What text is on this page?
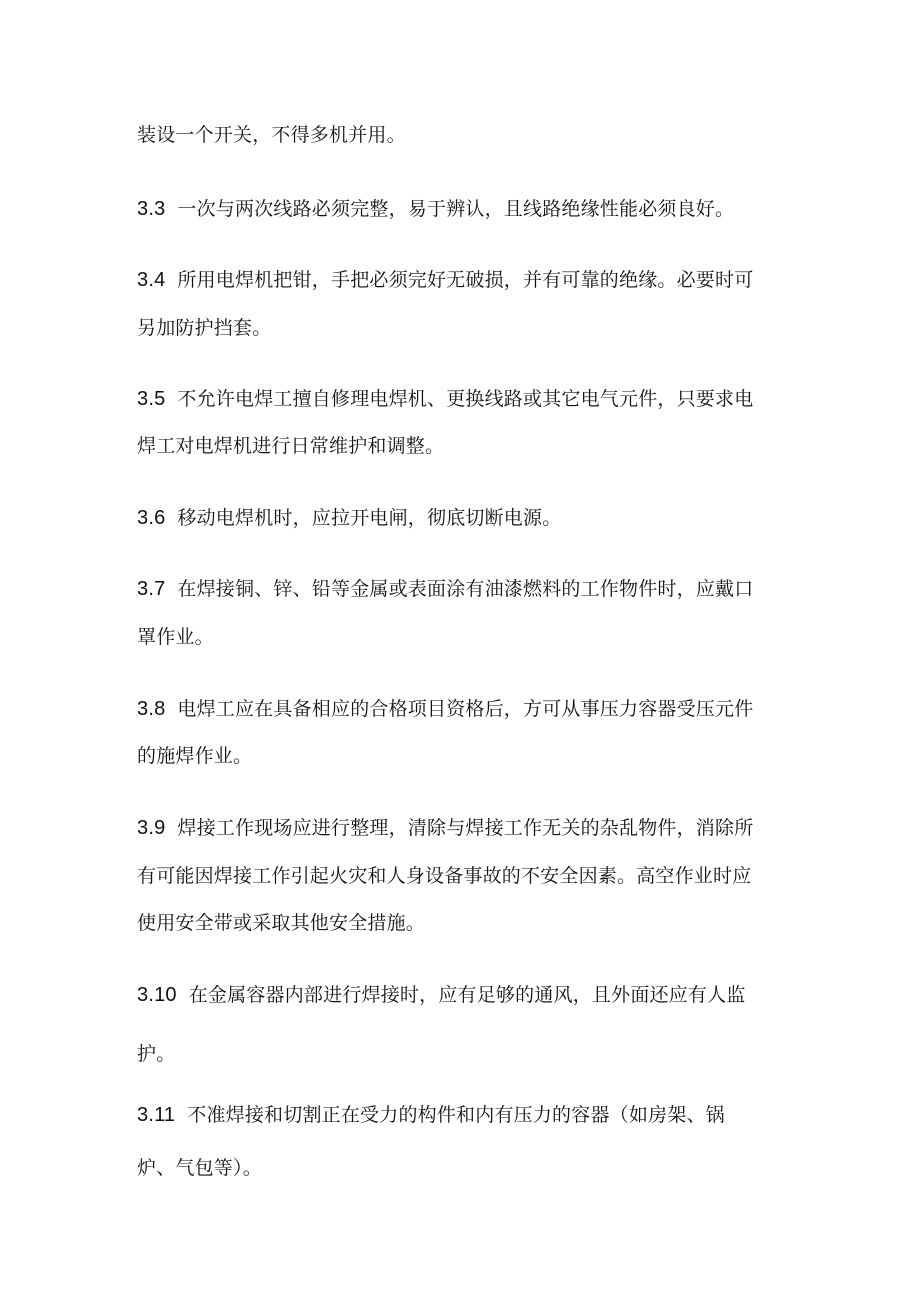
装设一个开关，不得多机并用。
3.3 一次与两次线路必须完整，易于辨认，且线路绝缘性能必须良好。
3.4 所用电焊机把钳，手把必须完好无破损，并有可靠的绝缘。必要时可
另加防护挡套。
3.5 不允许电焊工擅自修理电焊机、更换线路或其它电气元件，只要求电
焊工对电焊机进行日常维护和调整。
3.6 移动电焊机时，应拉开电闸，彻底切断电源。
3.7 在焊接铜、锌、铅等金属或表面涂有油漆燃料的工作物件时，应戴口
罩作业。
3.8 电焊工应在具备相应的合格项目资格后，方可从事压力容器受压元件
的施焊作业。
3.9 焊接工作现场应进行整理，清除与焊接工作无关的杂乱物件，消除所
有可能因焊接工作引起火灾和人身设备事故的不安全因素。高空作业时应
使用安全带或采取其他安全措施。
3.10 在金属容器内部进行焊接时，应有足够的通风，且外面还应有人监
护。
3.11 不准焊接和切割正在受力的构件和内有压力的容器（如房架、锅
炉、气包等）。
